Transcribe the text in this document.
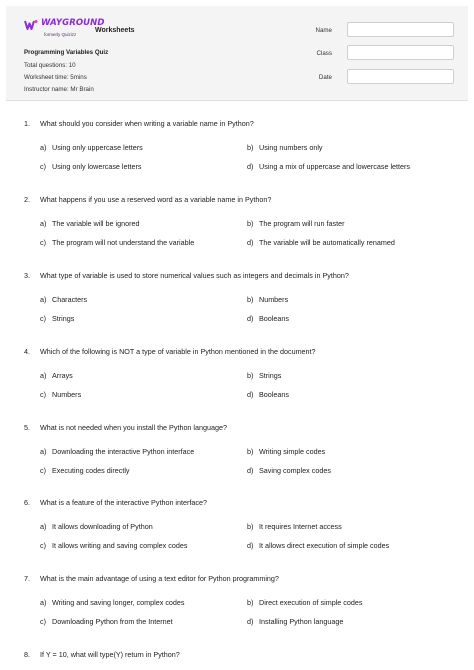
WAYGROUND
formerly Quizizz
Worksheets
Programming Variables Quiz
Total questions: 10
Worksheet time: 5mins
Instructor name: Mr Brain
Name
Class
Date
1. What should you consider when writing a variable name in Python?
a) Using only uppercase letters	b) Using numbers only
c) Using only lowercase letters	d) Using a mix of uppercase and lowercase letters
2. What happens if you use a reserved word as a variable name in Python?
a) The variable will be ignored	b) The program will run faster
c) The program will not understand the variable	d) The variable will be automatically renamed
3. What type of variable is used to store numerical values such as integers and decimals in Python?
a) Characters	b) Numbers
c) Strings	d) Booleans
4. Which of the following is NOT a type of variable in Python mentioned in the document?
a) Arrays	b) Strings
c) Numbers	d) Booleans
5. What is not needed when you install the Python language?
a) Downloading the interactive Python interface	b) Writing simple codes
c) Executing codes directly	d) Saving complex codes
6. What is a feature of the interactive Python interface?
a) It allows downloading of Python	b) It requires Internet access
c) It allows writing and saving complex codes	d) It allows direct execution of simple codes
7. What is the main advantage of using a text editor for Python programming?
a) Writing and saving longer, complex codes	b) Direct execution of simple codes
c) Downloading Python from the Internet	d) Installing Python language
8. If Y = 10, what will type(Y) return in Python?
